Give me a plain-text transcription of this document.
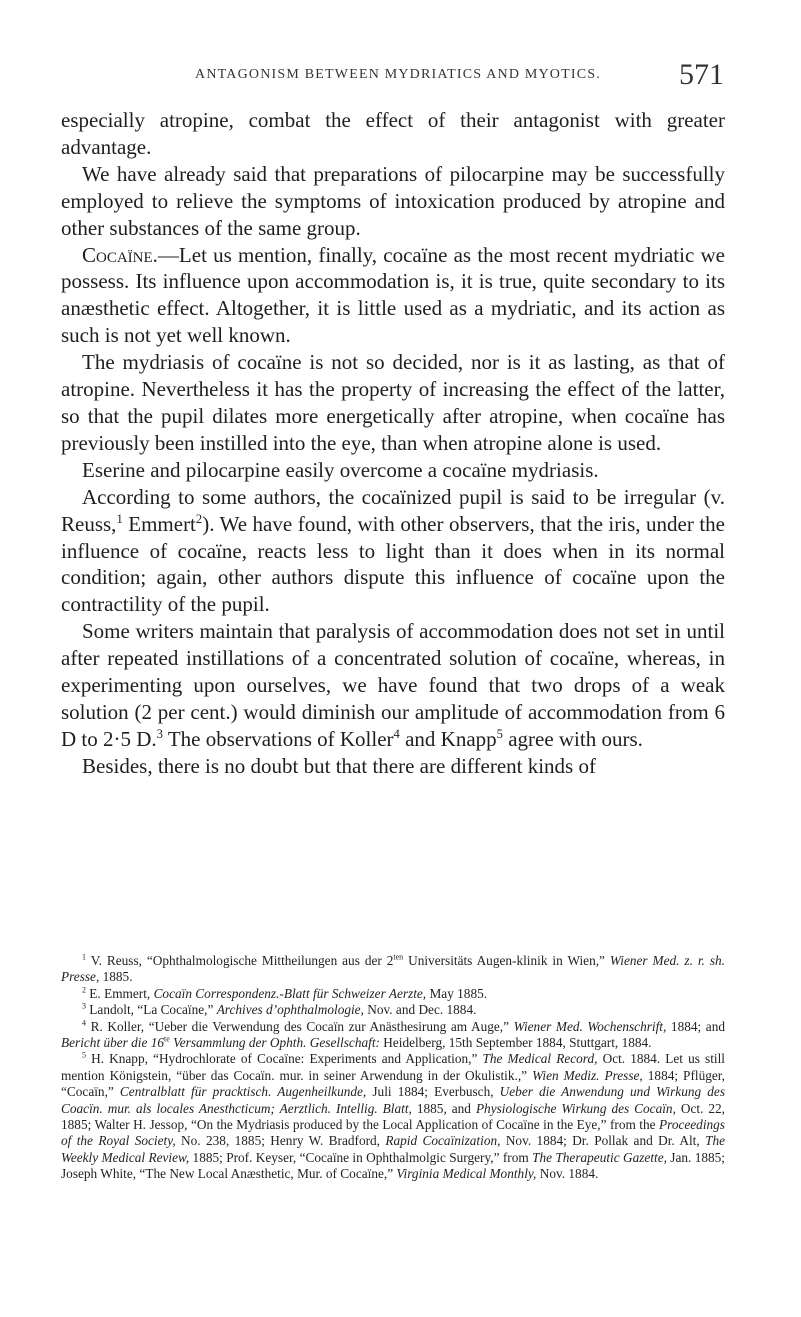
ANTAGONISM BETWEEN MYDRIATICS AND MYOTICS.	571

especially atropine, combat the effect of their antagonist with greater advantage.

We have already said that preparations of pilocarpine may be successfully employed to relieve the symptoms of intoxication produced by atropine and other substances of the same group.

Cocaïne.—Let us mention, finally, cocaïne as the most recent mydriatic we possess. Its influence upon accommodation is, it is true, quite secondary to its anæsthetic effect. Altogether, it is little used as a mydriatic, and its action as such is not yet well known.

The mydriasis of cocaïne is not so decided, nor is it as lasting, as that of atropine. Nevertheless it has the property of increasing the effect of the latter, so that the pupil dilates more energetically after atropine, when cocaïne has previously been instilled into the eye, than when atropine alone is used.

Eserine and pilocarpine easily overcome a cocaïne mydriasis.

According to some authors, the cocaïnized pupil is said to be irregular (v. Reuss,$^1$ Emmert$^2$). We have found, with other observers, that the iris, under the influence of cocaïne, reacts less to light than it does when in its normal condition; again, other authors dispute this influence of cocaïne upon the contractility of the pupil.

Some writers maintain that paralysis of accommodation does not set in until after repeated instillations of a concentrated solution of cocaïne, whereas, in experimenting upon ourselves, we have found that two drops of a weak solution (2 per cent.) would diminish our amplitude of accommodation from 6 D to 2·5 D.$^3$ The observations of Koller$^4$ and Knapp$^5$ agree with ours.

Besides, there is no doubt but that there are different kinds of

$^1$ V. Reuss, “Ophthalmologische Mittheilungen aus der $2^{ten}$ Universitäts Augen-klinik in Wien,” Wiener Med. z. r. sh. Presse, 1885.

$^2$ E. Emmert, Cocaïn Correspondenz.-Blatt für Schweizer Aerzte, May 1885.

$^3$ Landolt, “La Cocaïne,” Archives d’ophthalmologie, Nov. and Dec. 1884.

$^4$ R. Koller, “Ueber die Verwendung des Cocaïn zur Anästhesirung am Auge,” Wiener Med. Wochenschrift, 1884; and Bericht über die $16^{te}$ Versammlung der Ophth. Gesellschaft: Heidelberg, 15th September 1884, Stuttgart, 1884.

$^5$ H. Knapp, “Hydrochlorate of Cocaïne: Experiments and Application,” The Medical Record, Oct. 1884. Let us still mention Königstein, “über das Cocaïn. mur. in seiner Arwendung in der Okulistik.,” Wien Mediz. Presse, 1884; Pflüger, “Cocaïn,” Centralblatt für pracktisch. Augenheilkunde, Juli 1884; Everbusch, Ueber die Anwendung und Wirkung des Coacïn. mur. als locales Anesthcticum; Aerztlich. Intellig. Blatt, 1885, and Physiologische Wirkung des Cocaïn, Oct. 22, 1885; Walter H. Jessop, “On the Mydriasis produced by the Local Application of Cocaïne in the Eye,” from the Proceedings of the Royal Society, No. 238, 1885; Henry W. Bradford, Rapid Cocaïnization, Nov. 1884; Dr. Pollak and Dr. Alt, The Weekly Medical Review, 1885; Prof. Keyser, “Cocaïne in Ophthalmolgic Surgery,” from The Therapeutic Gazette, Jan. 1885; Joseph White, “The New Local Anæsthetic, Mur. of Cocaïne,” Virginia Medical Monthly, Nov. 1884.
